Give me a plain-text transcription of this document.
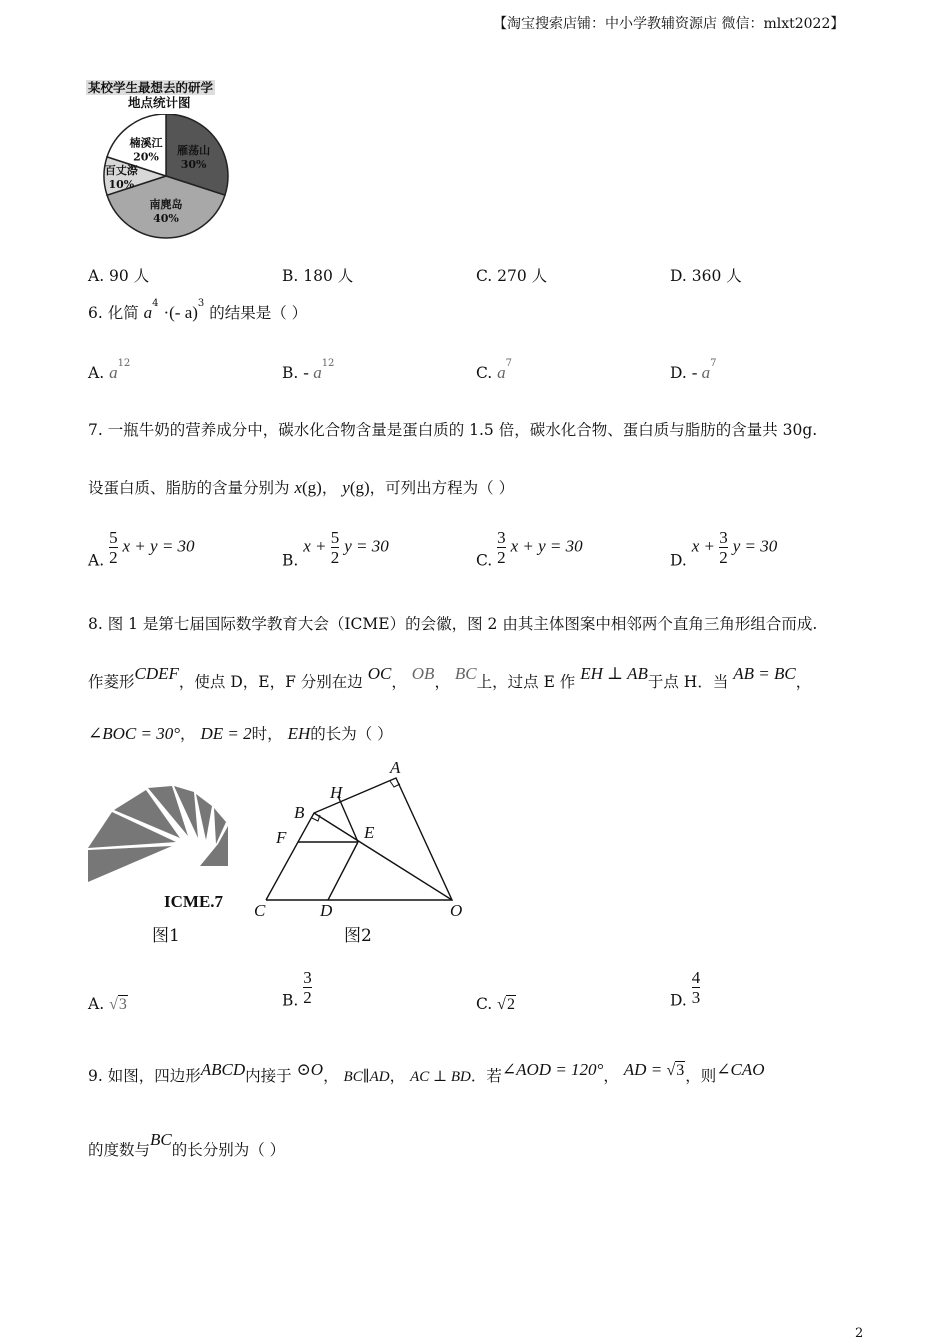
【淘宝搜索店铺：中小学教辅资源店 微信：mlxt2022】
某校学生最想去的研学
地点统计图
雁荡山
30%
南麂岛
40%
百丈漈
10%
楠溪江
20%
A. 90 人	B. 180 人	C. 270 人	D. 360 人
6. 化简 $a^4$ ·(- a)$^3$ 的结果是（ ）
A. $a^{12}$
B. - $a^{12}$
C. $a^7$
D. - $a^7$
7. 一瓶牛奶的营养成分中，碳水化合物含量是蛋白质的 1.5 倍，碳水化合物、蛋白质与脂肪的含量共 30g.
设蛋白质、脂肪的含量分别为 x(g)， y(g)，可列出方程为（ ）
A. $\frac{5}{2}$ x + y = 30
B. $x + \frac{5}{2}$ y = 30
C. $\frac{3}{2}$ x + y = 30
D. $x + \frac{3}{2}$ y = 30
8. 图 1 是第七届国际数学教育大会（ICME）的会徽，图 2 由其主体图案中相邻两个直角三角形组合而成.
作菱形CDEF，使点 D，E，F 分别在边 OC， OB， BC上，过点 E 作 EH ⊥ AB于点 H．当 AB = BC，
∠BOC = 30°， DE = 2时， EH的长为（ ）
ICME.7
图1
A
H
B
E
F
C	D	O
图2
A. √3	B. $\frac{3}{2}$	C. √2	D. $\frac{4}{3}$
9. 如图，四边形ABCD内接于 ⊙O， BC∥AD， AC ⊥ BD．若∠AOD = 120°， AD = √3，则∠CAO
的度数与BC的长分别为（ ）
2
